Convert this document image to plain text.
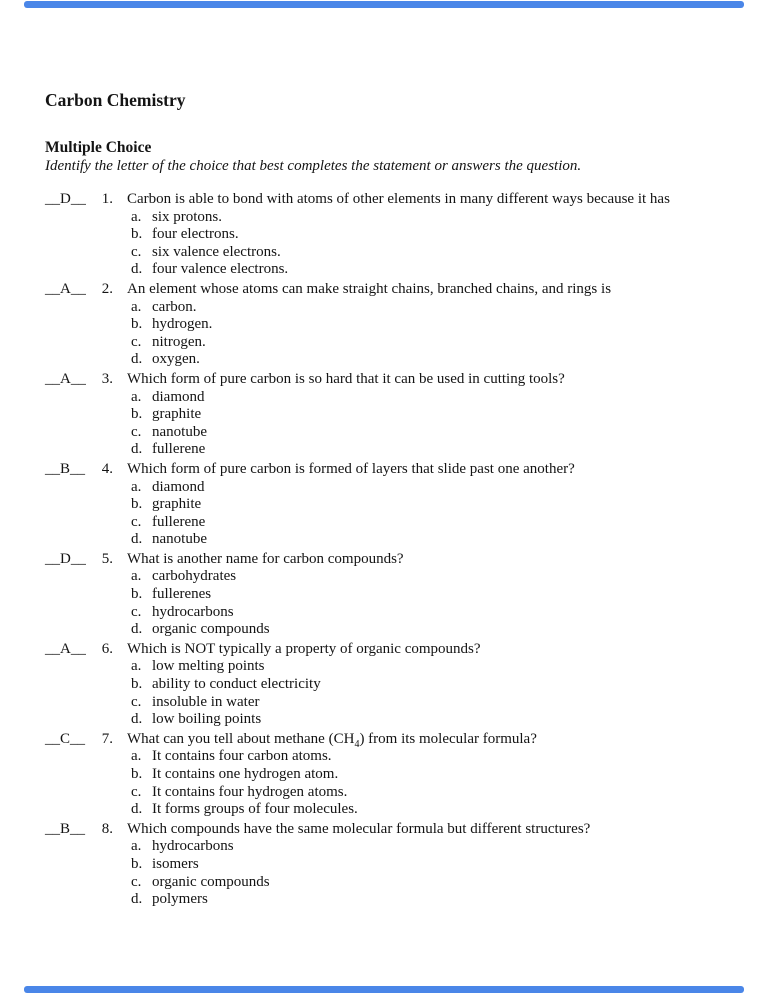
Carbon Chemistry

Multiple Choice

Identify the letter of the choice that best completes the statement or answers the question.

__D__	1. Carbon is able to bond with atoms of other elements in many different ways because it has
a. six protons.
b. four electrons.
c. six valence electrons.
d. four valence electrons.
__A__	2. An element whose atoms can make straight chains, branched chains, and rings is
a. carbon.
b. hydrogen.
c. nitrogen.
d. oxygen.
__A__	3. Which form of pure carbon is so hard that it can be used in cutting tools?
a. diamond
b. graphite
c. nanotube
d. fullerene
__B__	4. Which form of pure carbon is formed of layers that slide past one another?
a. diamond
b. graphite
c. fullerene
d. nanotube
__D__	5. What is another name for carbon compounds?
a. carbohydrates
b. fullerenes
c. hydrocarbons
d. organic compounds
__A__	6. Which is NOT typically a property of organic compounds?
a. low melting points
b. ability to conduct electricity
c. insoluble in water
d. low boiling points
__C__	7. What can you tell about methane $(CH_4)$ from its molecular formula?
a. It contains four carbon atoms.
b. It contains one hydrogen atom.
c. It contains four hydrogen atoms.
d. It forms groups of four molecules.
__B__	8. Which compounds have the same molecular formula but different structures?
a. hydrocarbons
b. isomers
c. organic compounds
d. polymers
